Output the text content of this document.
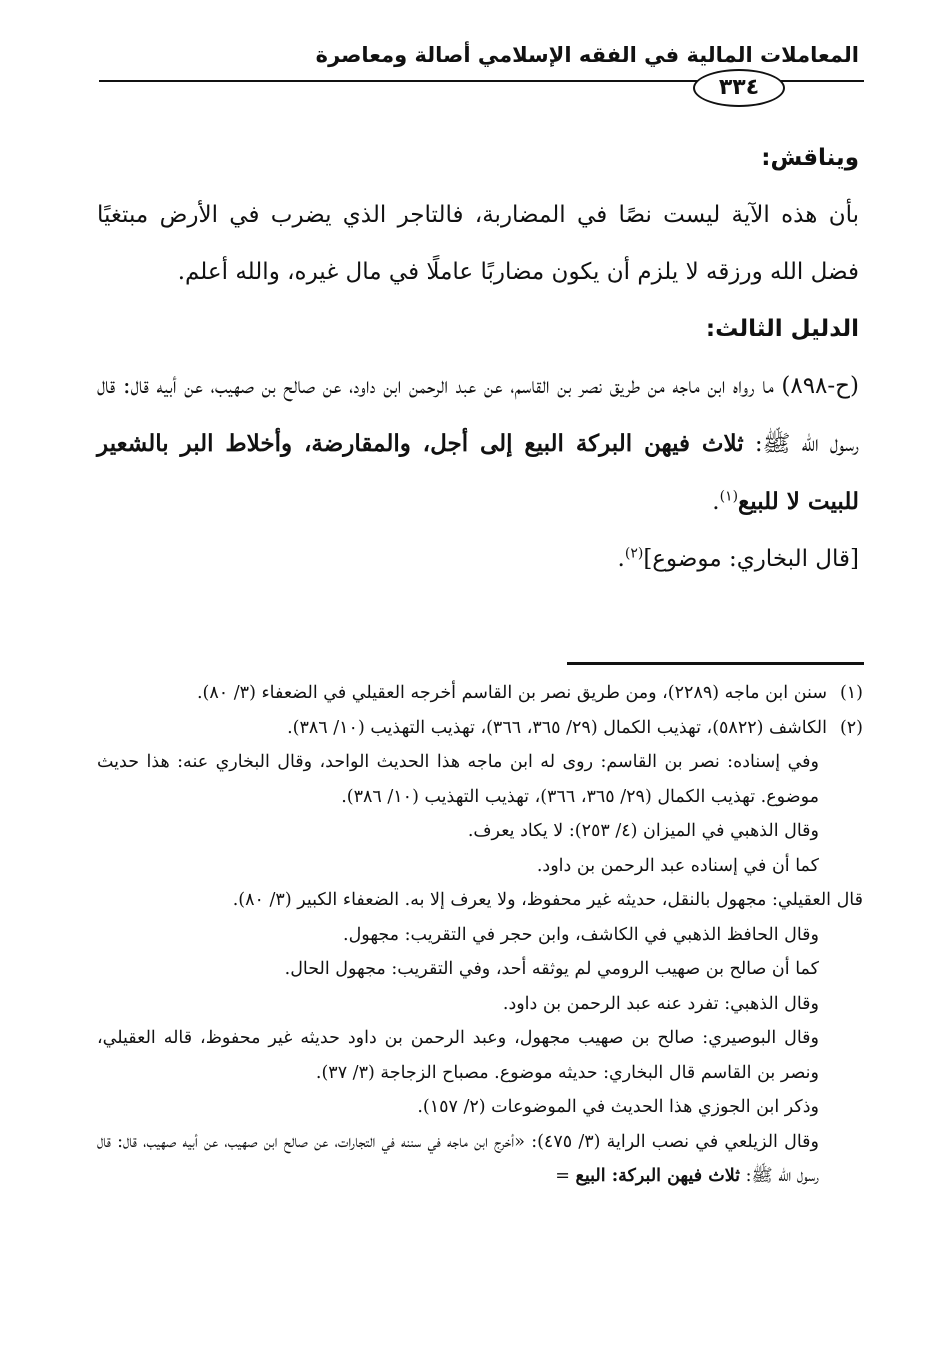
المعاملات المالية في الفقه الإسلامي أصالة ومعاصرة
٣٣٤

ويناقش:

بأن هذه الآية ليست نصًا في المضاربة، فالتاجر الذي يضرب في الأرض مبتغيًا فضل الله ورزقه لا يلزم أن يكون مضاربًا عاملًا في مال غيره، والله أعلم.

الدليل الثالث:

(ح-٨٩٨) ما رواه ابن ماجه من طريق نصر بن القاسم، عن عبد الرحمن ابن داود، عن صالح بن صهيب، عن أبيه قال: قال رسول الله ﷺ: ثلاث فيهن البركة البيع إلى أجل، والمقارضة، وأخلاط البر بالشعير للبيت لا للبيع$^{(١)}$.

[قال البخاري: موضوع]$^{(٢)}$.

(١)سنن ابن ماجه (٢٢٨٩)، ومن طريق نصر بن القاسم أخرجه العقيلي في الضعفاء (٣/ ٨٠).

(٢)الكاشف (٥٨٢٢)، تهذيب الكمال (٢٩/ ٣٦٥، ٣٦٦)، تهذيب التهذيب (١٠/ ٣٨٦).

وفي إسناده: نصر بن القاسم: روى له ابن ماجه هذا الحديث الواحد، وقال البخاري عنه: هذا حديث موضوع. تهذيب الكمال (٢٩/ ٣٦٥، ٣٦٦)، تهذيب التهذيب (١٠/ ٣٨٦).

وقال الذهبي في الميزان (٤/ ٢٥٣): لا يكاد يعرف.

كما أن في إسناده عبد الرحمن بن داود.

قال العقيلي: مجهول بالنقل، حديثه غير محفوظ، ولا يعرف إلا به. الضعفاء الكبير (٣/ ٨٠).

وقال الحافظ الذهبي في الكاشف، وابن حجر في التقريب: مجهول.

كما أن صالح بن صهيب الرومي لم يوثقه أحد، وفي التقريب: مجهول الحال.

وقال الذهبي: تفرد عنه عبد الرحمن بن داود.

وقال البوصيري: صالح بن صهيب مجهول، وعبد الرحمن بن داود حديثه غير محفوظ، قاله العقيلي، ونصر بن القاسم قال البخاري: حديثه موضوع. مصباح الزجاجة (٣/ ٣٧).

وذكر ابن الجوزي هذا الحديث في الموضوعات (٢/ ١٥٧).

وقال الزيلعي في نصب الراية (٣/ ٤٧٥): «أخرج ابن ماجه في سننه في التجارات، عن صالح ابن صهيب، عن أبيه صهيب، قال: قال رسول الله ﷺ: ثلاث فيهن البركة: البيع =
